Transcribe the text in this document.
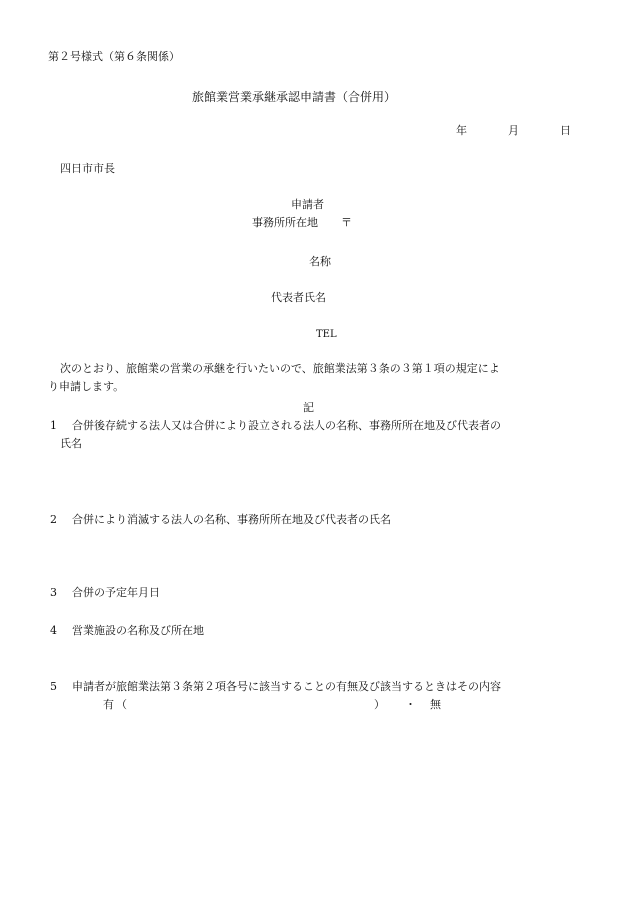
第２号様式（第６条関係）
旅館業営業承継承認申請書（合併用）
年	月	日
四日市市長
申請者
事務所所在地 〒
名称
代表者氏名
TEL
次のとおり、旅館業の営業の承継を行いたいので、旅館業法第３条の３第１項の規定によ
り申請します。
記
1 合併後存続する法人又は合併により設立される法人の名称、事務所所在地及び代表者の
氏名
2 合併により消滅する法人の名称、事務所所在地及び代表者の氏名
3 合併の予定年月日
4 営業施設の名称及び所在地
5 申請者が旅館業法第３条第２項各号に該当することの有無及び該当するときはその内容
有 （	） ・ 無
